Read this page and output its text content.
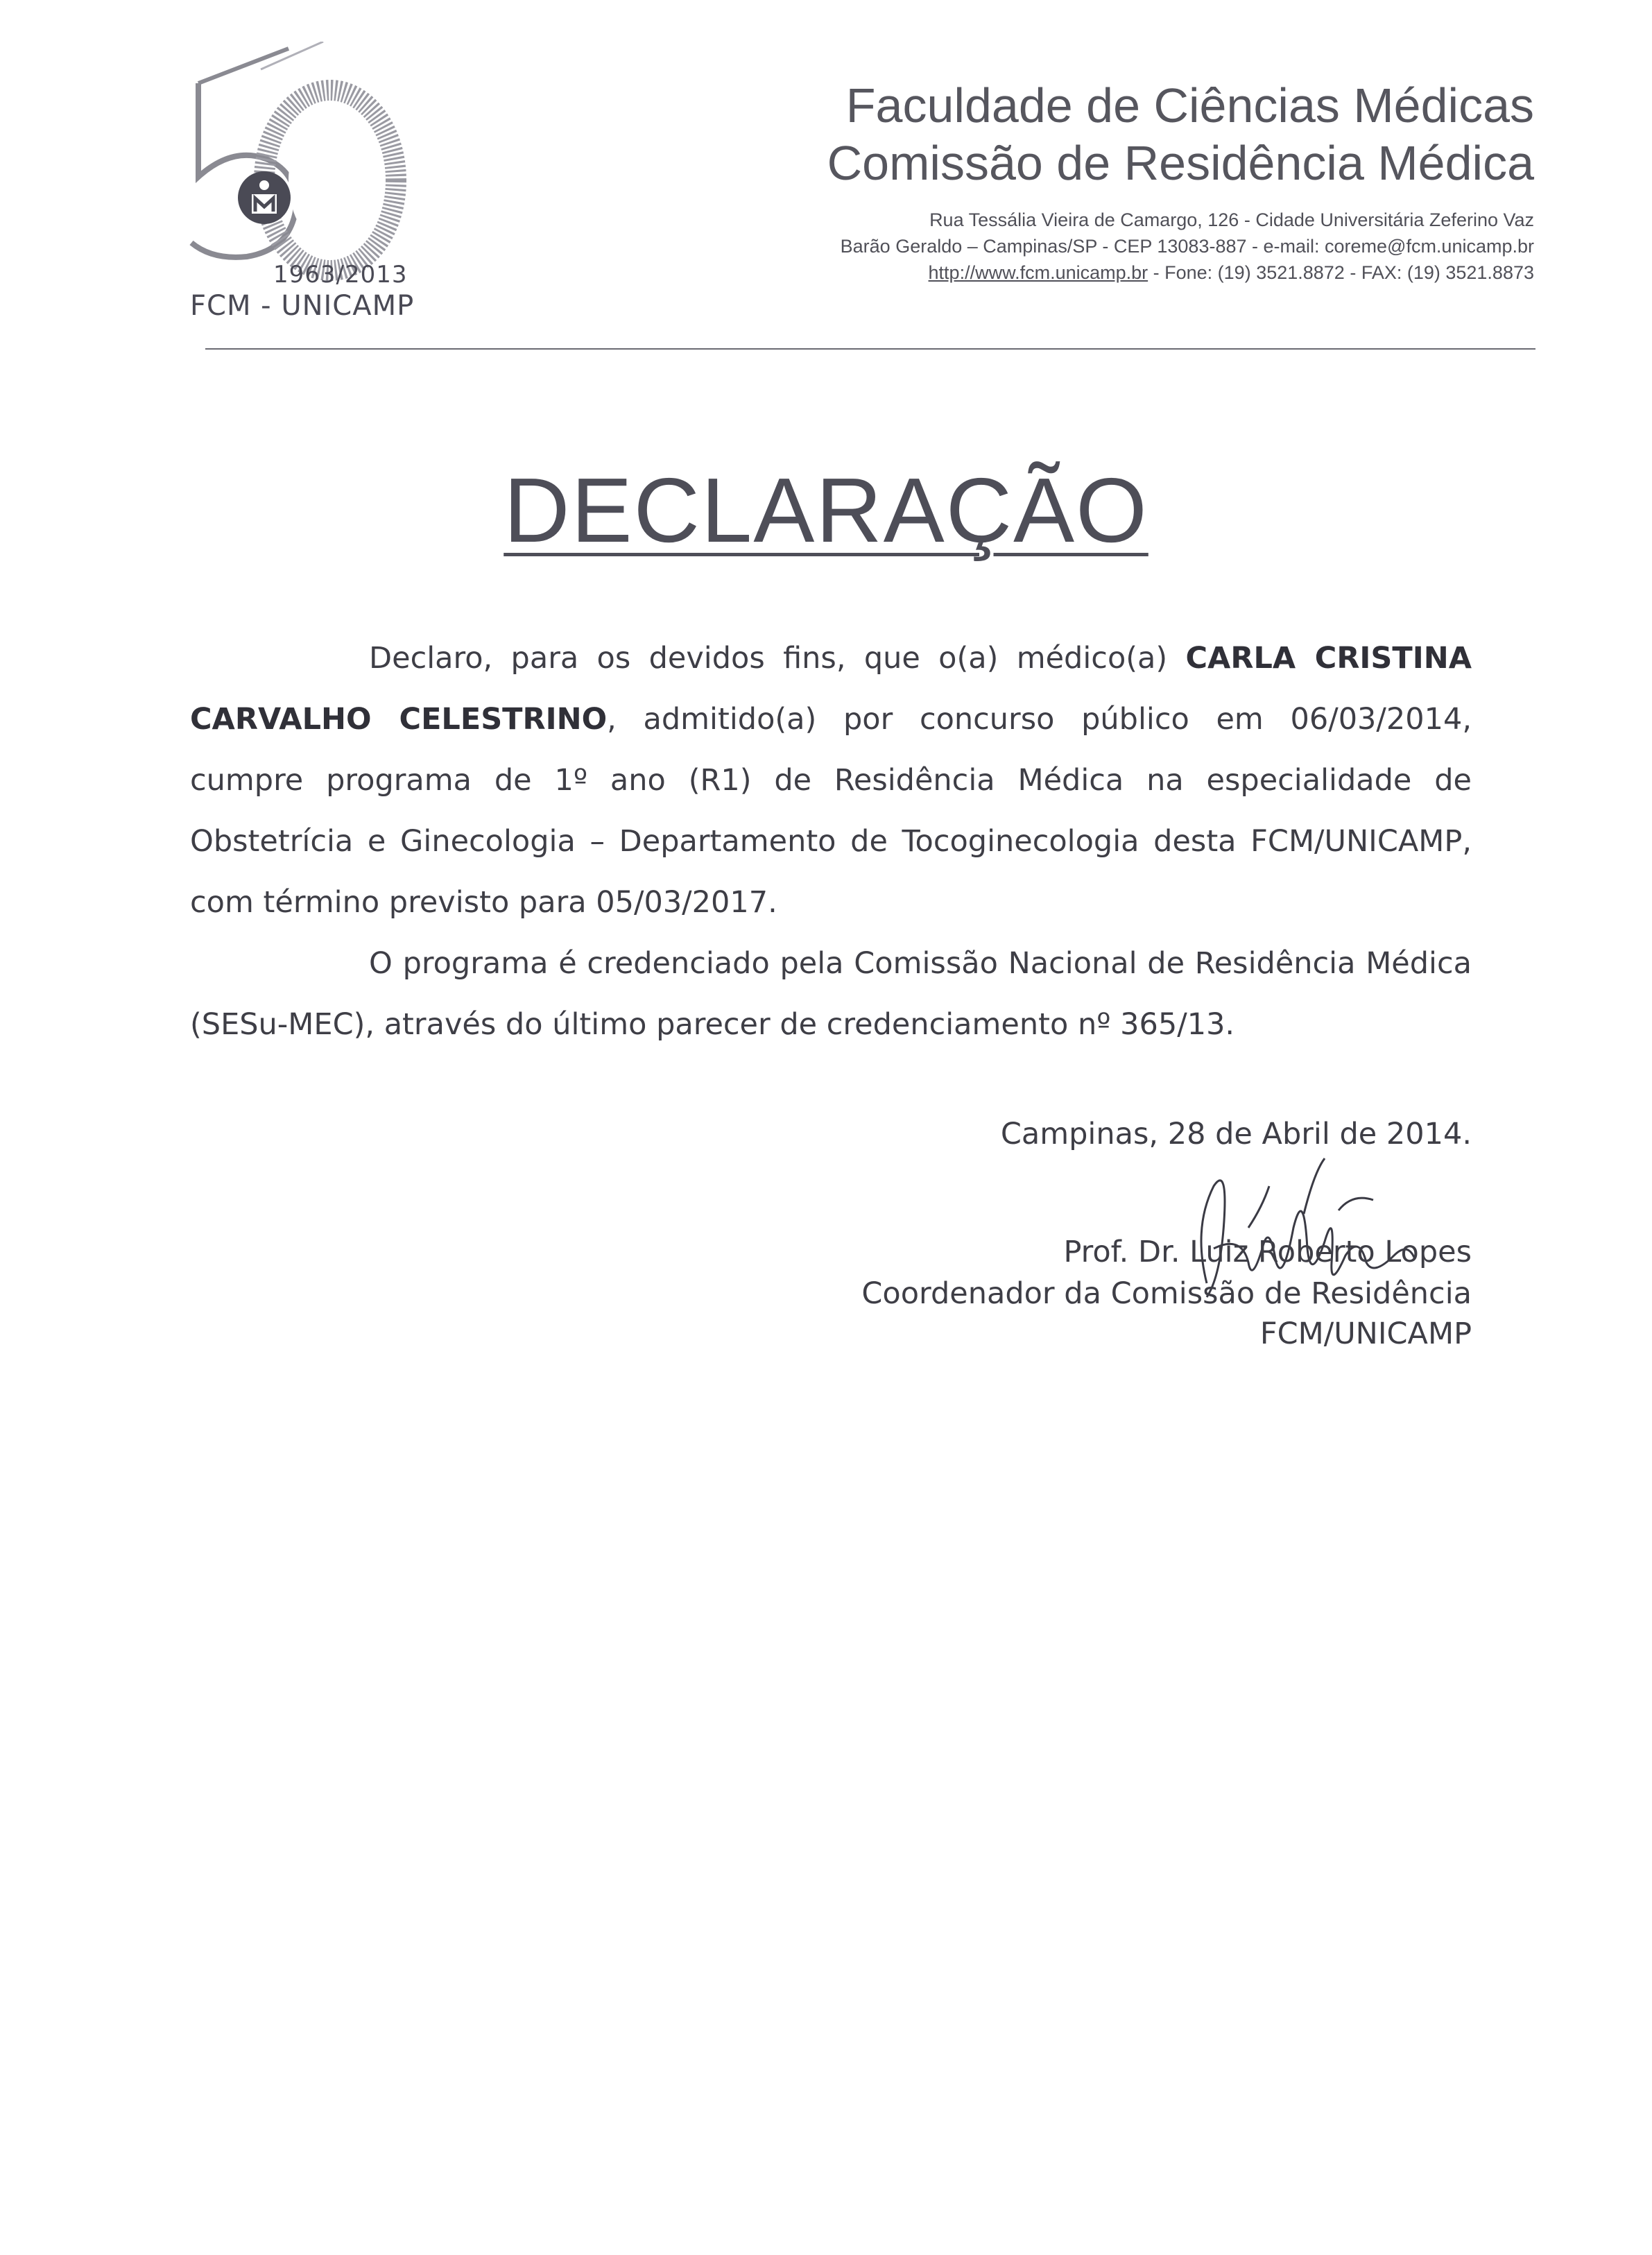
1963/2013
FCM - UNICAMP
Faculdade de Ciências Médicas
Comissão de Residência Médica
Rua Tessália Vieira de Camargo, 126 - Cidade Universitária Zeferino Vaz
Barão Geraldo – Campinas/SP - CEP 13083-887 - e-mail: coreme@fcm.unicamp.br
http://www.fcm.unicamp.br - Fone: (19) 3521.8872 - FAX: (19) 3521.8873
DECLARAÇÃO

Declaro, para os devidos fins, que o(a) médico(a) CARLA CRISTINA CARVALHO CELESTRINO, admitido(a) por concurso público em 06/03/2014, cumpre programa de 1º ano (R1) de Residência Médica na especialidade de Obstetrícia e Ginecologia – Departamento de Tocoginecologia desta FCM/UNICAMP, com término previsto para 05/03/2017.

O programa é credenciado pela Comissão Nacional de Residência Médica (SESu-MEC), através do último parecer de credenciamento nº 365/13.

Campinas, 28 de Abril de 2014.
Prof. Dr. Luiz Roberto Lopes
Coordenador da Comissão de Residência
FCM/UNICAMP
